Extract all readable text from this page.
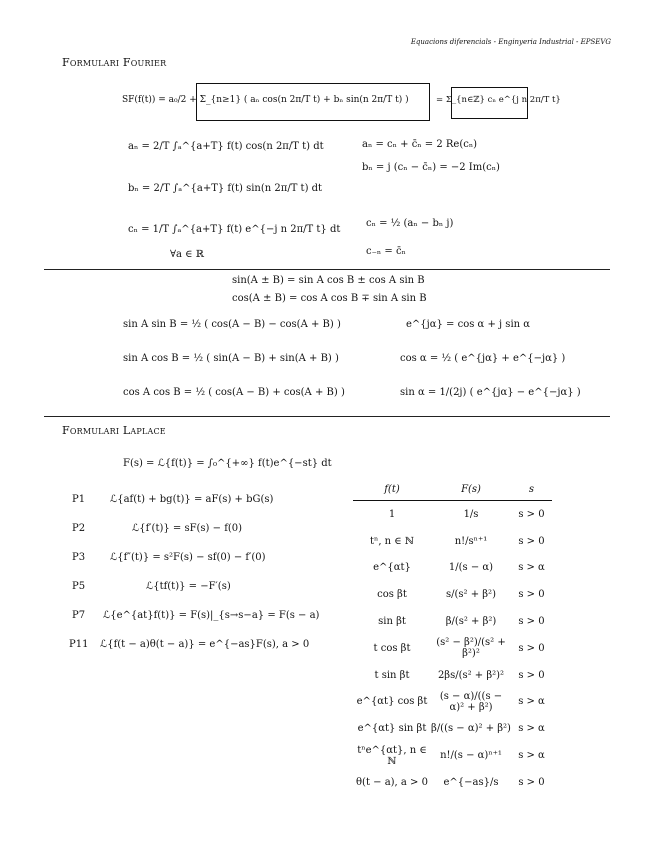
Equacions diferencials - Enginyeria Industrial - EPSEVG
Formulari Fourier
SF(f(t)) = a₀/2 + Σ_{n≥1} ( aₙ cos(n 2π/T t) + bₙ sin(n 2π/T t) )	= Σ_{n∈ℤ} cₙ e^{j n 2π/T t}
aₙ = 2/T ∫ₐ^{a+T} f(t) cos(n 2π/T t) dt
bₙ = 2/T ∫ₐ^{a+T} f(t) sin(n 2π/T t) dt
cₙ = 1/T ∫ₐ^{a+T} f(t) e^{−j n 2π/T t} dt
∀a ∈ ℝ
aₙ = cₙ + c̄ₙ = 2 Re(cₙ)
bₙ = j (cₙ − c̄ₙ) = −2 Im(cₙ)
cₙ = ½ (aₙ − bₙ j)
c₋ₙ = c̄ₙ
sin(A ± B) = sin A cos B ± cos A sin B
cos(A ± B) = cos A cos B ∓ sin A sin B
sin A sin B = ½ ( cos(A − B) − cos(A + B) )
sin A cos B = ½ ( sin(A − B) + sin(A + B) )
cos A cos B = ½ ( cos(A − B) + cos(A + B) )
e^{jα} = cos α + j sin α
cos α = ½ ( e^{jα} + e^{−jα} )
sin α = 1/(2j) ( e^{jα} − e^{−jα} )
Formulari Laplace
F(s) = ℒ{f(t)} = ∫₀^{+∞} f(t)e^{−st} dt
P1 ℒ{af(t) + bg(t)} = aF(s) + bG(s)
P2	ℒ{f′(t)} = sF(s) − f(0)
P3 ℒ{f″(t)} = s²F(s) − sf(0) − f′(0)
P5	ℒ{tf(t)} = −F′(s)
P7 ℒ{e^{at}f(t)} = F(s)|_{s→s−a} = F(s − a)
P11 ℒ{f(t − a)θ(t − a)} = e^{−as}F(s), a > 0
f(t)	F(s)	s
1	1/s	s > 0
tⁿ, n ∈ ℕ	n!/sⁿ⁺¹	s > 0
e^{αt}	1/(s − α)	s > α
cos βt	s/(s² + β²)	s > 0
sin βt	β/(s² + β²)	s > 0
t cos βt	(s² − β²)/(s² + β²)²	s > 0
t sin βt	2βs/(s² + β²)²	s > 0
e^{αt} cos βt	(s − α)/((s − α)² + β²)	s > α
e^{αt} sin βt	β/((s − α)² + β²)	s > α
tⁿe^{αt}, n ∈ ℕ	n!/(s − α)ⁿ⁺¹	s > α
θ(t − a), a > 0	e^{−as}/s	s > 0
